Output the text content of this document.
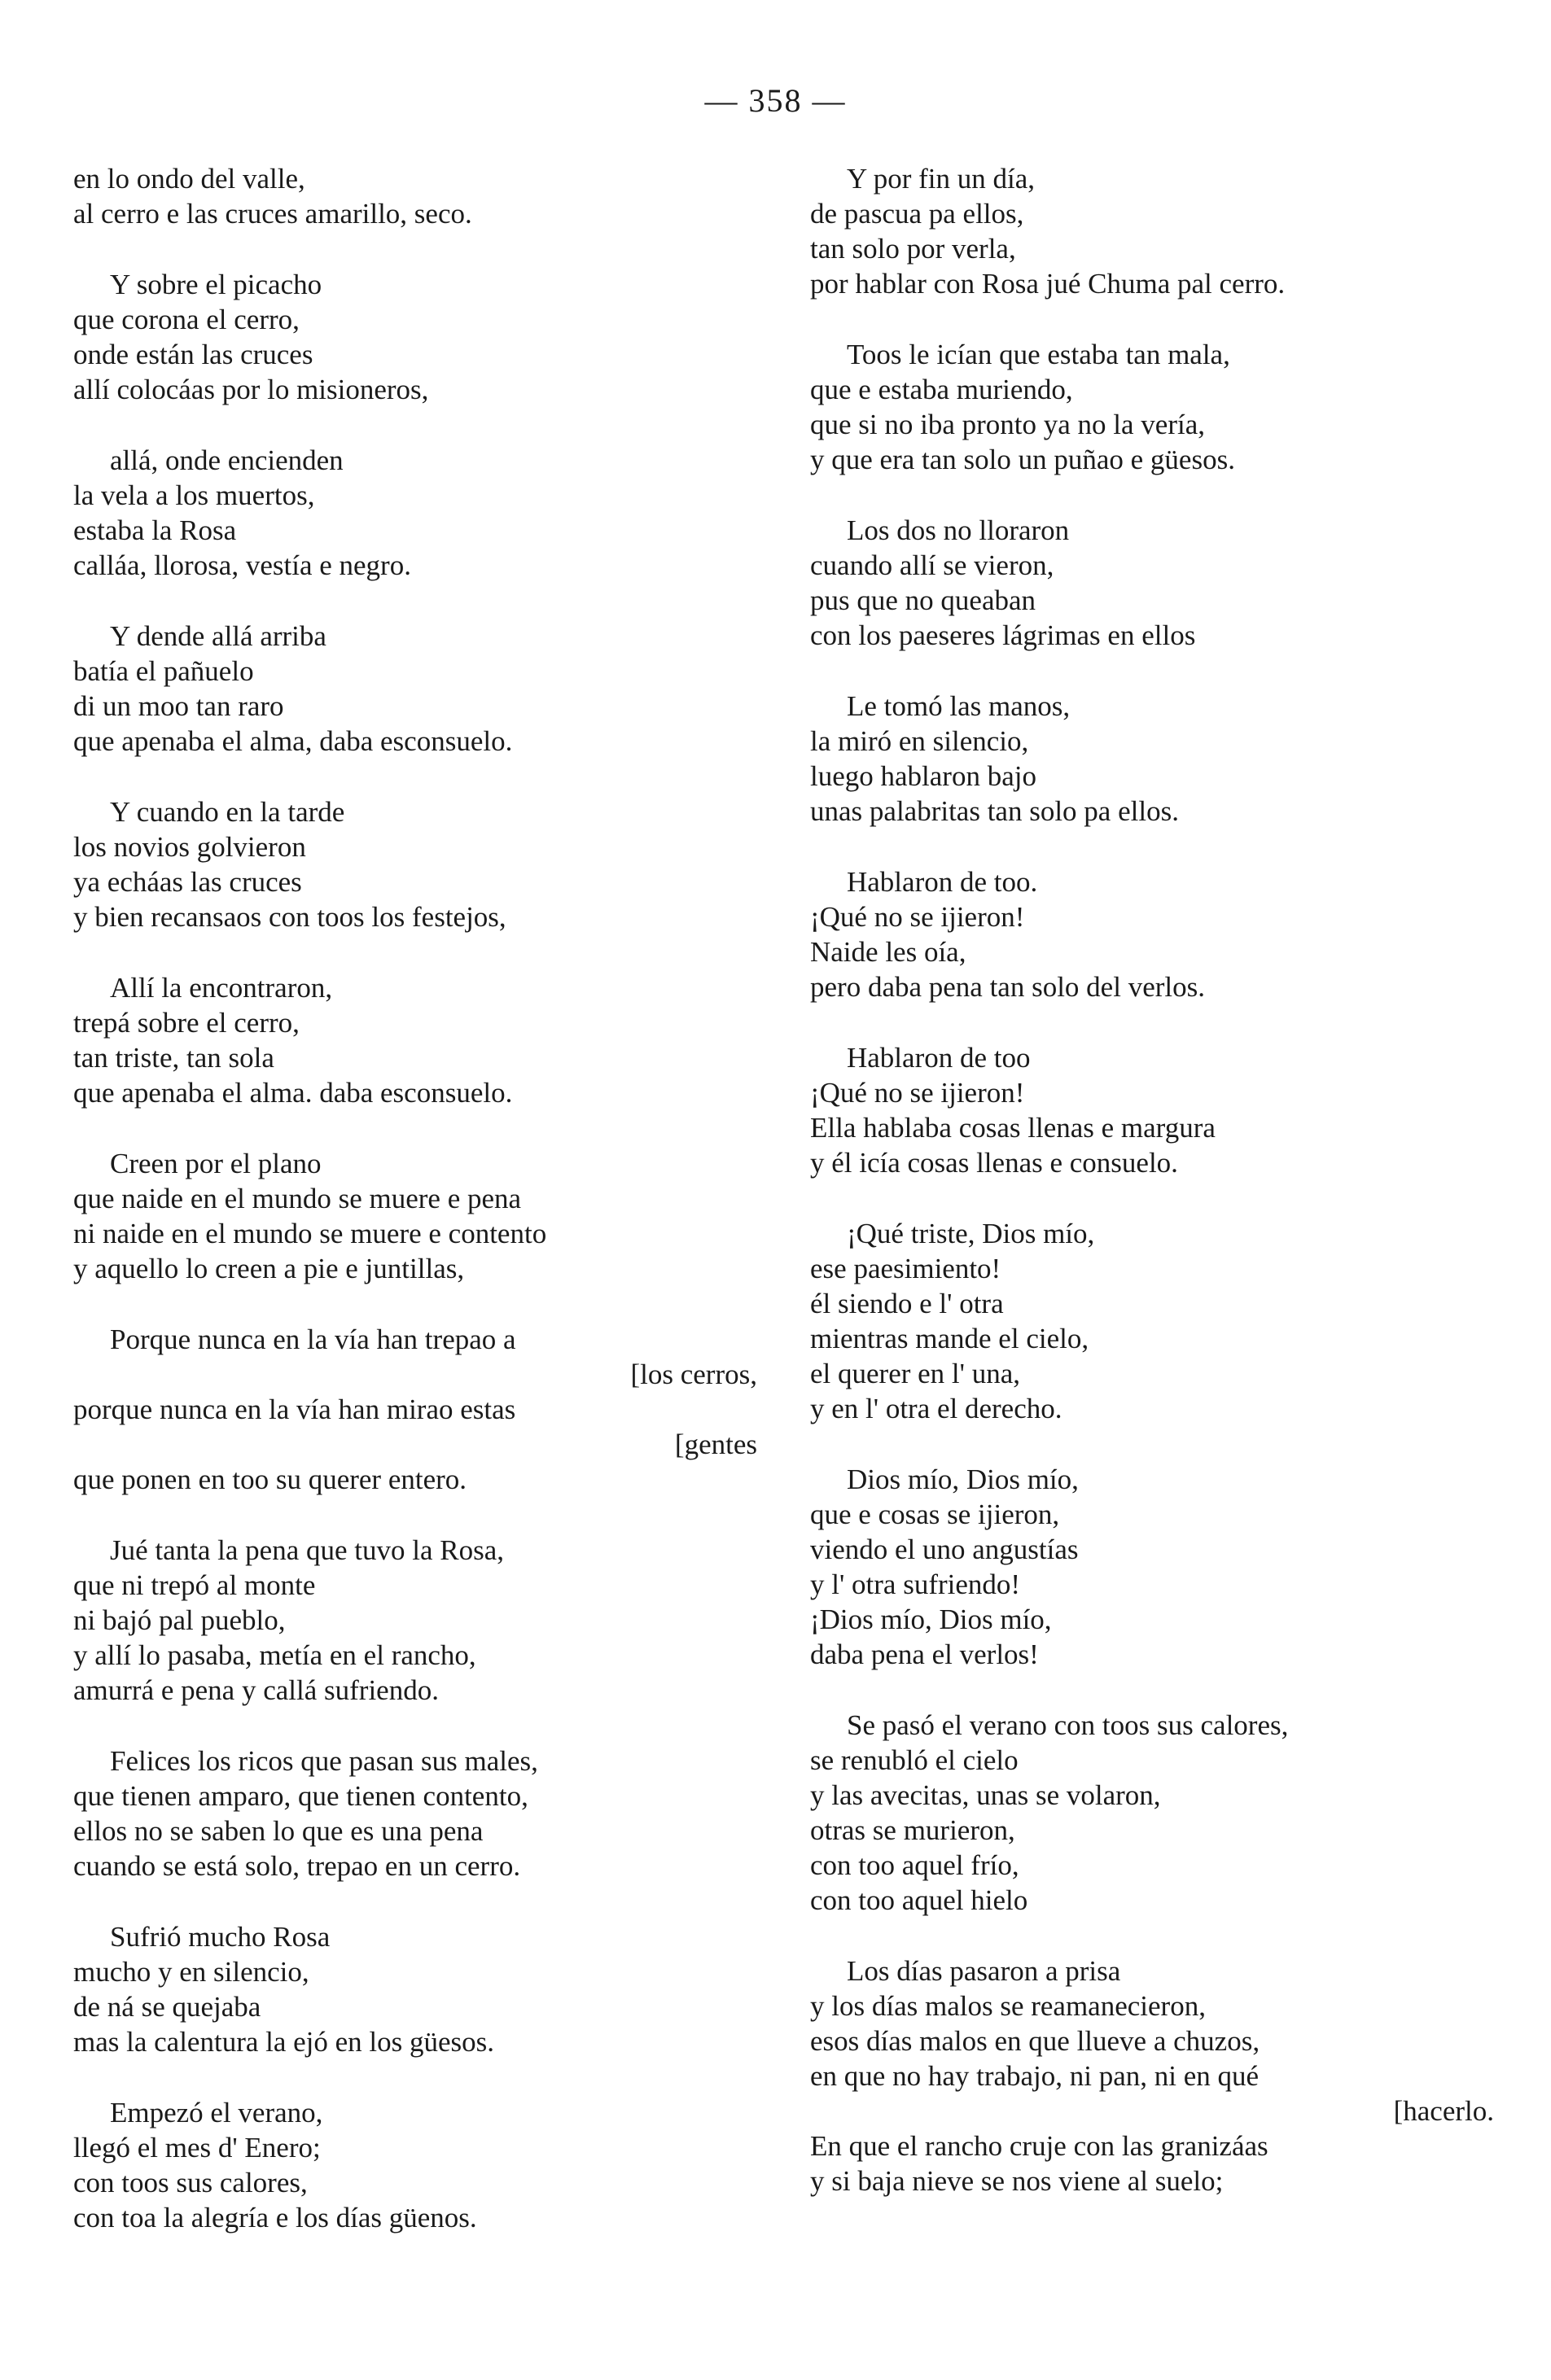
— 358 —
en lo ondo del valle,
al cerro e las cruces amarillo, seco.
Y sobre el picacho
que corona el cerro,
onde están las cruces
allí colocáas por lo misioneros,
allá, onde encienden
la vela a los muertos,
estaba la Rosa
calláa, llorosa, vestía e negro.
Y dende allá arriba
batía el pañuelo
di un moo tan raro
que apenaba el alma, daba esconsuelo.
Y cuando en la tarde
los novios golvieron
ya echáas las cruces
y bien recansaos con toos los festejos,
Allí la encontraron,
trepá sobre el cerro,
tan triste, tan sola
que apenaba el alma. daba esconsuelo.
Creen por el plano
que naide en el mundo se muere e pena
ni naide en el mundo se muere e contento
y aquello lo creen a pie e juntillas,
Porque nunca en la vía han trepao a
[los cerros,
porque nunca en la vía han mirao estas
[gentes
que ponen en too su querer entero.
Jué tanta la pena que tuvo la Rosa,
que ni trepó al monte
ni bajó pal pueblo,
y allí lo pasaba, metía en el rancho,
amurrá e pena y callá sufriendo.
Felices los ricos que pasan sus males,
que tienen amparo, que tienen contento,
ellos no se saben lo que es una pena
cuando se está solo, trepao en un cerro.
Sufrió mucho Rosa
mucho y en silencio,
de ná se quejaba
mas la calentura la ejó en los güesos.
Empezó el verano,
llegó el mes d' Enero;
con toos sus calores,
con toa la alegría e los días güenos.
Y por fin un día,
de pascua pa ellos,
tan solo por verla,
por hablar con Rosa jué Chuma pal cerro.
Toos le icían que estaba tan mala,
que e estaba muriendo,
que si no iba pronto ya no la vería,
y que era tan solo un puñao e güesos.
Los dos no lloraron
cuando allí se vieron,
pus que no queaban
con los paeseres lágrimas en ellos
Le tomó las manos,
la miró en silencio,
luego hablaron bajo
unas palabritas tan solo pa ellos.
Hablaron de too.
¡Qué no se ijieron!
Naide les oía,
pero daba pena tan solo del verlos.
Hablaron de too
¡Qué no se ijieron!
Ella hablaba cosas llenas e margura
y él icía cosas llenas e consuelo.
¡Qué triste, Dios mío,
ese paesimiento!
él siendo e l' otra
mientras mande el cielo,
el querer en l' una,
y en l' otra el derecho.
Dios mío, Dios mío,
que e cosas se ijieron,
viendo el uno angustías
y l' otra sufriendo!
¡Dios mío, Dios mío,
daba pena el verlos!
Se pasó el verano con toos sus calores,
se renubló el cielo
y las avecitas, unas se volaron,
otras se murieron,
con too aquel frío,
con too aquel hielo
Los días pasaron a prisa
y los días malos se reamanecieron,
esos días malos en que llueve a chuzos,
en que no hay trabajo, ni pan, ni en qué
[hacerlo.
En que el rancho cruje con las granizáas
y si baja nieve se nos viene al suelo;
